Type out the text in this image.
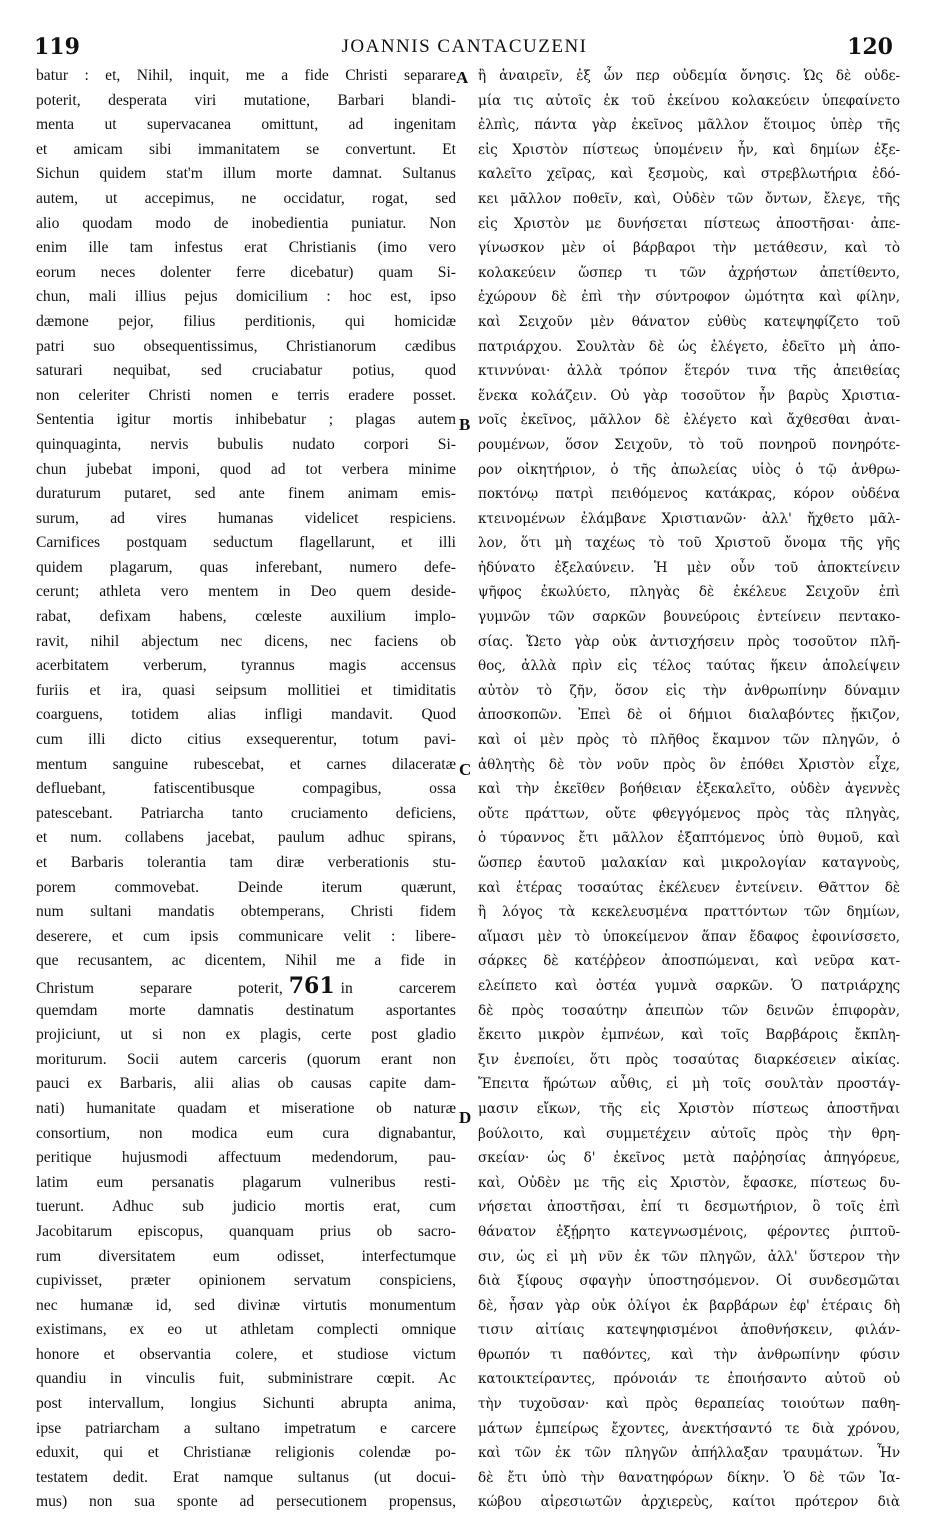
119	JOANNIS CANTACUZENI	120
batur : et, Nihil, inquit, me a fide Christi separare
poterit, desperata viri mutatione, Barbari blandi-
menta ut supervacanea omittunt, ad ingenitam
et amicam sibi immanitatem se convertunt. Et
Sichun quidem stat'm illum morte damnat. Sultanus
autem, ut accepimus, ne occidatur, rogat, sed
alio quodam modo de inobedientia puniatur. Non
enim ille tam infestus erat Christianis (imo vero
eorum neces dolenter ferre dicebatur) quam Si-
chun, mali illius pejus domicilium : hoc est, ipso
dæmone pejor, filius perditionis, qui homicidæ
patri suo obsequentissimus, Christianorum cædibus
saturari nequibat, sed cruciabatur potius, quod
non celeriter Christi nomen e terris eradere posset.
Sententia igitur mortis inhibebatur ; plagas autem
quinquaginta, nervis bubulis nudato corpori Si-
chun jubebat imponi, quod ad tot verbera minime
duraturum putaret, sed ante finem animam emis-
surum, ad vires humanas videlicet respiciens.
Carnifices postquam seductum flagellarunt, et illi
quidem plagarum, quas inferebant, numero defe-
cerunt; athleta vero mentem in Deo quem deside-
rabat, defixam habens, cœleste auxilium implo-
ravit, nihil abjectum nec dicens, nec faciens ob
acerbitatem verberum, tyrannus magis accensus
furiis et ira, quasi seipsum mollitiei et timiditatis
coarguens, totidem alias infligi mandavit. Quod
cum illi dicto citius exsequerentur, totum pavi-
mentum sanguine rubescebat, et carnes dilaceratæ
defluebant, fatiscentibusque compagibus, ossa
patescebant. Patriarcha tanto cruciamento deficiens,
et num. collabens jacebat, paulum adhuc spirans,
et Barbaris tolerantia tam diræ verberationis stu-
porem commovebat. Deinde iterum quærunt,
num sultani mandatis obtemperans, Christi fidem
deserere, et cum ipsis communicare velit : libere-
que recusantem, ac dicentem, Nihil me a fide in
Christum separare poterit, 761 in carcerem
quemdam morte damnatis destinatum asportantes
projiciunt, ut si non ex plagis, certe post gladio
moriturum. Socii autem carceris (quorum erant non
pauci ex Barbaris, alii alias ob causas capite dam-
nati) humanitate quadam et miseratione ob naturæ
consortium, non modica eum cura dignabantur,
peritique hujusmodi affectuum medendorum, pau-
latim eum persanatis plagarum vulneribus resti-
tuerunt. Adhuc sub judicio mortis erat, cum
Jacobitarum episcopus, quanquam prius ob sacro-
rum diversitatem eum odisset, interfectumque
cupivisset, præter opinionem servatum conspiciens,
nec humanæ id, sed divinæ virtutis monumentum
existimans, ex eo ut athletam complecti omnique
honore et observantia colere, et studiose victum
quandiu in vinculis fuit, subministrare cœpit. Ac
post intervallum, longius Sichunti abrupta anima,
ipse patriarcham a sultano impetratum e carcere
eduxit, qui et Christianæ religionis colendæ po-
testatem dedit. Erat namque sultanus (ut docui-
mus) non sua sponte ad persecutionem propensus,
A
B
C
D
ἢ ἀναιρεῖν, ἐξ ὧν περ οὐδεμία ὄνησις. Ὡς δὲ οὐδε-
μία τις αὐτοῖς ἐκ τοῦ ἐκείνου κολακεύειν ὑπεφαίνετο
ἐλπὶς, πάντα γὰρ ἐκεῖνος μᾶλλον ἕτοιμος ὑπὲρ τῆς
εἰς Χριστὸν πίστεως ὑπομένειν ἦν, καὶ δημίων ἐξε-
καλεῖτο χεῖρας, καὶ ξεσμοὺς, καὶ στρεβλωτήρια ἐδό-
κει μᾶλλον ποθεῖν, καὶ, Οὐδὲν τῶν ὄντων, ἔλεγε, τῆς
εἰς Χριστὸν με δυνήσεται πίστεως ἀποστῆσαι· ἀπε-
γίνωσκον μὲν οἱ βάρβαροι τὴν μετάθεσιν, καὶ τὸ
κολακεύειν ὥσπερ τι τῶν ἀχρήστων ἀπετίθεντο,
ἐχώρουν δὲ ἐπὶ τὴν σύντροφον ὠμότητα καὶ φίλην,
καὶ Σειχοῦν μὲν θάνατον εὐθὺς κατεψηφίζετο τοῦ
πατριάρχου. Σουλτὰν δὲ ὡς ἐλέγετο, ἐδεῖτο μὴ ἀπο-
κτιννύναι· ἀλλὰ τρόπον ἕτερόν τινα τῆς ἀπειθείας
ἕνεκα κολάζειν. Οὐ γὰρ τοσοῦτον ἦν βαρὺς Χριστια-
νοῖς ἐκεῖνος, μᾶλλον δὲ ἐλέγετο καὶ ἄχθεσθαι ἀναι-
ρουμένων, ὅσον Σειχοῦν, τὸ τοῦ πονηροῦ πονηρότε-
ρον οἰκητήριον, ὁ τῆς ἀπωλείας υἱὸς ὁ τῷ ἀνθρω-
ποκτόνῳ πατρὶ πειθόμενος κατάκρας, κόρον οὐδένα
κτεινομένων ἐλάμβανε Χριστιανῶν· ἀλλ' ἤχθετο μᾶλ-
λον, ὅτι μὴ ταχέως τὸ τοῦ Χριστοῦ ὄνομα τῆς γῆς
ἠδύνατο ἐξελαύνειν. Ἡ μὲν οὖν τοῦ ἀποκτείνειν
ψῆφος ἐκωλύετο, πληγὰς δὲ ἐκέλευε Σειχοῦν ἐπὶ
γυμνῶν τῶν σαρκῶν βουνεύροις ἐντείνειν πεντακο-
σίας. Ὤετο γὰρ οὐκ ἀντισχήσειν πρὸς τοσοῦτον πλῆ-
θος, ἀλλὰ πρὶν εἰς τέλος ταύτας ἥκειν ἀπολείψειν
αὐτὸν τὸ ζῆν, ὅσον εἰς τὴν ἀνθρωπίνην δύναμιν
ἀποσκοπῶν. Ἐπεὶ δὲ οἱ δήμιοι διαλαβόντες ᾔκιζον,
καὶ οἱ μὲν πρὸς τὸ πλῆθος ἔκαμνον τῶν πληγῶν, ὁ
ἀθλητὴς δὲ τὸν νοῦν πρὸς ὃν ἐπόθει Χριστὸν εἶχε,
καὶ τὴν ἐκεῖθεν βοήθειαν ἐξεκαλεῖτο, οὐδὲν ἀγεννὲς
οὔτε πράττων, οὔτε φθεγγόμενος πρὸς τὰς πληγὰς,
ὁ τύραννος ἔτι μᾶλλον ἐξαπτόμενος ὑπὸ θυμοῦ, καὶ
ὥσπερ ἑαυτοῦ μαλακίαν καὶ μικρολογίαν καταγνοὺς,
καὶ ἑτέρας τοσαύτας ἐκέλευεν ἐντείνειν. Θᾶττον δὲ
ἢ λόγος τὰ κεκελευσμένα πραττόντων τῶν δημίων,
αἵμασι μὲν τὸ ὑποκείμενον ἅπαν ἔδαφος ἐφοινίσσετο,
σάρκες δὲ κατέῤῥεον ἀποσπώμεναι, καὶ νεῦρα κατ-
ελείπετο καὶ ὀστέα γυμνὰ σαρκῶν. Ὁ πατριάρχης
δὲ πρὸς τοσαύτην ἀπειπὼν τῶν δεινῶν ἐπιφορὰν,
ἔκειτο μικρὸν ἐμπνέων, καὶ τοῖς Βαρβάροις ἔκπλη-
ξιν ἐνεποίει, ὅτι πρὸς τοσαύτας διαρκέσειεν αἰκίας.
Ἔπειτα ἥρώτων αὖθις, εἰ μὴ τοῖς σουλτὰν προστάγ-
μασιν εἴκων, τῆς εἰς Χριστὸν πίστεως ἀποστῆναι
βούλοιτο, καὶ συμμετέχειν αὐτοῖς πρὸς τὴν θρη-
σκείαν· ὡς δ' ἐκεῖνος μετὰ παῤῥησίας ἀπηγόρευε,
καὶ, Οὐδὲν με τῆς εἰς Χριστὸν, ἔφασκε, πίστεως δυ-
νήσεται ἀποστῆσαι, ἐπί τι δεσμωτήριον, ὃ τοῖς ἐπὶ
θάνατον ἐξῄρητο κατεγνωσμένοις, φέροντες ῥιπτοῦ-
σιν, ὡς εἰ μὴ νῦν ἐκ τῶν πληγῶν, ἀλλ' ὕστερον τὴν
διὰ ξίφους σφαγὴν ὑποστησόμενον. Οἱ συνδεσμῶται
δὲ, ἦσαν γὰρ οὐκ ὀλίγοι ἐκ βαρβάρων ἐφ' ἑτέραις δὴ
τισιν αἰτίαις κατεψηφισμένοι ἀποθνήσκειν, φιλάν-
θρωπόν τι παθόντες, καὶ τὴν ἀνθρωπίνην φύσιν
κατοικτείραντες, πρόνοιάν τε ἐποιήσαντο αὐτοῦ οὐ
τὴν τυχοῦσαν· καὶ πρὸς θεραπείας τοιούτων παθη-
μάτων ἐμπείρως ἔχοντες, ἀνεκτήσαντό τε διὰ χρόνου,
καὶ τῶν ἐκ τῶν πληγῶν ἀπήλλαξαν τραυμάτων. Ἦν
δὲ ἔτι ὑπὸ τὴν θανατηφόρων δίκην. Ὁ δὲ τῶν Ἰα-
κώβου αἱρεσιωτῶν ἀρχιερεὺς, καίτοι πρότερον διὰ
